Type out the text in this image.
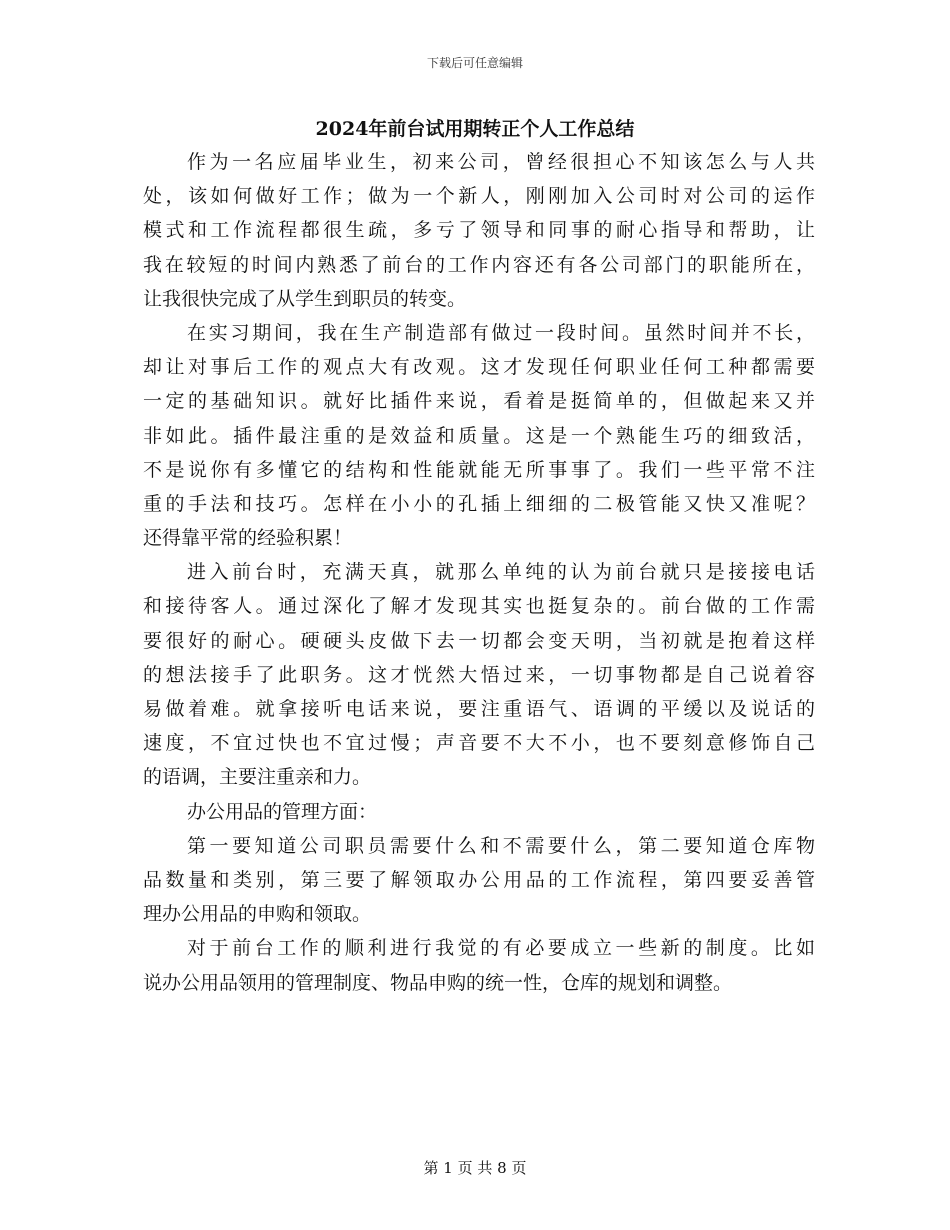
下载后可任意编辑
2024年前台试用期转正个人工作总结
作为一名应届毕业生，初来公司，曾经很担心不知该怎么与人共
处，该如何做好工作；做为一个新人，刚刚加入公司时对公司的运作
模式和工作流程都很生疏，多亏了领导和同事的耐心指导和帮助，让
我在较短的时间内熟悉了前台的工作内容还有各公司部门的职能所在，
让我很快完成了从学生到职员的转变。
在实习期间，我在生产制造部有做过一段时间。虽然时间并不长，
却让对事后工作的观点大有改观。这才发现任何职业任何工种都需要
一定的基础知识。就好比插件来说，看着是挺简单的，但做起来又并
非如此。插件最注重的是效益和质量。这是一个熟能生巧的细致活，
不是说你有多懂它的结构和性能就能无所事事了。我们一些平常不注
重的手法和技巧。怎样在小小的孔插上细细的二极管能又快又准呢？
还得靠平常的经验积累！
进入前台时，充满天真，就那么单纯的认为前台就只是接接电话
和接待客人。通过深化了解才发现其实也挺复杂的。前台做的工作需
要很好的耐心。硬硬头皮做下去一切都会变天明，当初就是抱着这样
的想法接手了此职务。这才恍然大悟过来，一切事物都是自己说着容
易做着难。就拿接听电话来说，要注重语气、语调的平缓以及说话的
速度，不宜过快也不宜过慢；声音要不大不小，也不要刻意修饰自己
的语调，主要注重亲和力。
办公用品的管理方面：
第一要知道公司职员需要什么和不需要什么，第二要知道仓库物
品数量和类别，第三要了解领取办公用品的工作流程，第四要妥善管
理办公用品的申购和领取。
对于前台工作的顺利进行我觉的有必要成立一些新的制度。比如
说办公用品领用的管理制度、物品申购的统一性，仓库的规划和调整。
第 1 页 共 8 页
